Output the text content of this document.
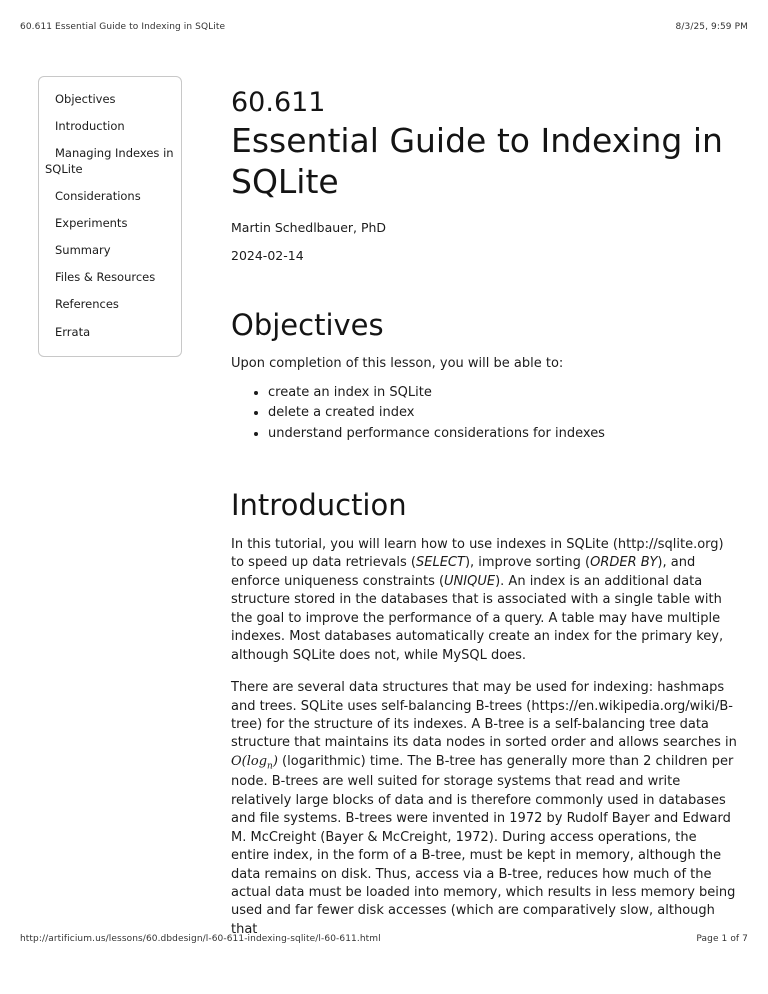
60.611 Essential Guide to Indexing in SQLite	8/3/25, 9:59 PM
Objectives
Introduction
Managing Indexes in SQLite
Considerations
Experiments
Summary
Files & Resources
References
Errata
60.611
Essential Guide to Indexing in SQLite
Martin Schedlbauer, PhD
2024-02-14
Objectives
Upon completion of this lesson, you will be able to:
• create an index in SQLite
• delete a created index
• understand performance considerations for indexes
Introduction

In this tutorial, you will learn how to use indexes in SQLite (http://sqlite.org) to speed up data retrievals (SELECT), improve sorting (ORDER BY), and enforce uniqueness constraints (UNIQUE). An index is an additional data structure stored in the databases that is associated with a single table with the goal to improve the performance of a query. A table may have multiple indexes. Most databases automatically create an index for the primary key, although SQLite does not, while MySQL does.

There are several data structures that may be used for indexing: hashmaps and trees. SQLite uses self-balancing B-trees (https://en.wikipedia.org/wiki/B-tree) for the structure of its indexes. A B-tree is a self-balancing tree data structure that maintains its data nodes in sorted order and allows searches in $O(\log_n)$ (logarithmic) time. The B-tree has generally more than 2 children per node. B-trees are well suited for storage systems that read and write relatively large blocks of data and is therefore commonly used in databases and file systems. B-trees were invented in 1972 by Rudolf Bayer and Edward M. McCreight (Bayer & McCreight, 1972). During access operations, the entire index, in the form of a B-tree, must be kept in memory, although the data remains on disk. Thus, access via a B-tree, reduces how much of the actual data must be loaded into memory, which results in less memory being used and far fewer disk accesses (which are comparatively slow, although that

http://artificium.us/lessons/60.dbdesign/l-60-611-indexing-sqlite/l-60-611.html	Page 1 of 7
